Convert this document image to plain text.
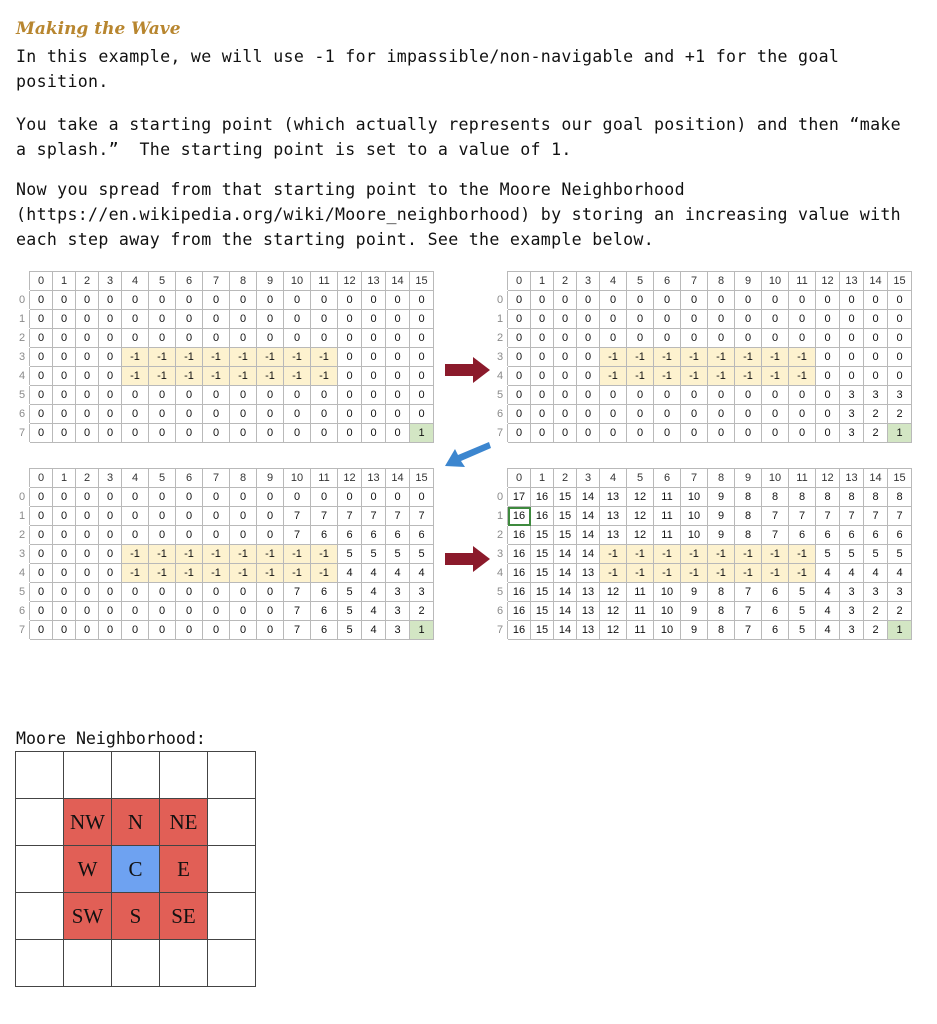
Making the Wave

In this example, we will use -1 for impassible/non-navigable and +1 for the goal position.

You take a starting point (which actually represents our goal position) and then “make a splash.”  The starting point is set to a value of 1.

Now you spread from that starting point to the Moore Neighborhood (https://en.wikipedia.org/wiki/Moore_neighborhood) by storing an increasing value with each step away from the starting point. See the example below.

	0	1	2	3	4	5	6	7	8	9	10	11	12	13	14	15
0	0	0	0	0	0	0	0	0	0	0	0	0	0	0	0	0
1	0	0	0	0	0	0	0	0	0	0	0	0	0	0	0	0
2	0	0	0	0	0	0	0	0	0	0	0	0	0	0	0	0
3	0	0	0	0	-1	-1	-1	-1	-1	-1	-1	-1	0	0	0	0
4	0	0	0	0	-1	-1	-1	-1	-1	-1	-1	-1	0	0	0	0
5	0	0	0	0	0	0	0	0	0	0	0	0	0	0	0	0
6	0	0	0	0	0	0	0	0	0	0	0	0	0	0	0	0
7	0	0	0	0	0	0	0	0	0	0	0	0	0	0	0	1
	0	1	2	3	4	5	6	7	8	9	10	11	12	13	14	15
0	0	0	0	0	0	0	0	0	0	0	0	0	0	0	0	0
1	0	0	0	0	0	0	0	0	0	0	0	0	0	0	0	0
2	0	0	0	0	0	0	0	0	0	0	0	0	0	0	0	0
3	0	0	0	0	-1	-1	-1	-1	-1	-1	-1	-1	0	0	0	0
4	0	0	0	0	-1	-1	-1	-1	-1	-1	-1	-1	0	0	0	0
5	0	0	0	0	0	0	0	0	0	0	0	0	0	3	3	3
6	0	0	0	0	0	0	0	0	0	0	0	0	0	3	2	2
7	0	0	0	0	0	0	0	0	0	0	0	0	0	3	2	1
	0	1	2	3	4	5	6	7	8	9	10	11	12	13	14	15
0	0	0	0	0	0	0	0	0	0	0	0	0	0	0	0	0
1	0	0	0	0	0	0	0	0	0	0	7	7	7	7	7	7
2	0	0	0	0	0	0	0	0	0	0	7	6	6	6	6	6
3	0	0	0	0	-1	-1	-1	-1	-1	-1	-1	-1	5	5	5	5
4	0	0	0	0	-1	-1	-1	-1	-1	-1	-1	-1	4	4	4	4
5	0	0	0	0	0	0	0	0	0	0	7	6	5	4	3	3
6	0	0	0	0	0	0	0	0	0	0	7	6	5	4	3	2
7	0	0	0	0	0	0	0	0	0	0	7	6	5	4	3	1
	0	1	2	3	4	5	6	7	8	9	10	11	12	13	14	15
0	17	16	15	14	13	12	11	10	9	8	8	8	8	8	8	8
1	16	16	15	14	13	12	11	10	9	8	7	7	7	7	7	7
2	16	15	15	14	13	12	11	10	9	8	7	6	6	6	6	6
3	16	15	14	14	-1	-1	-1	-1	-1	-1	-1	-1	5	5	5	5
4	16	15	14	13	-1	-1	-1	-1	-1	-1	-1	-1	4	4	4	4
5	16	15	14	13	12	11	10	9	8	7	6	5	4	3	3	3
6	16	15	14	13	12	11	10	9	8	7	6	5	4	3	2	2
7	16	15	14	13	12	11	10	9	8	7	6	5	4	3	2	1
Moore Neighborhood:

	NW	N	NE	
	W	C	E	
	SW	S	SE	
